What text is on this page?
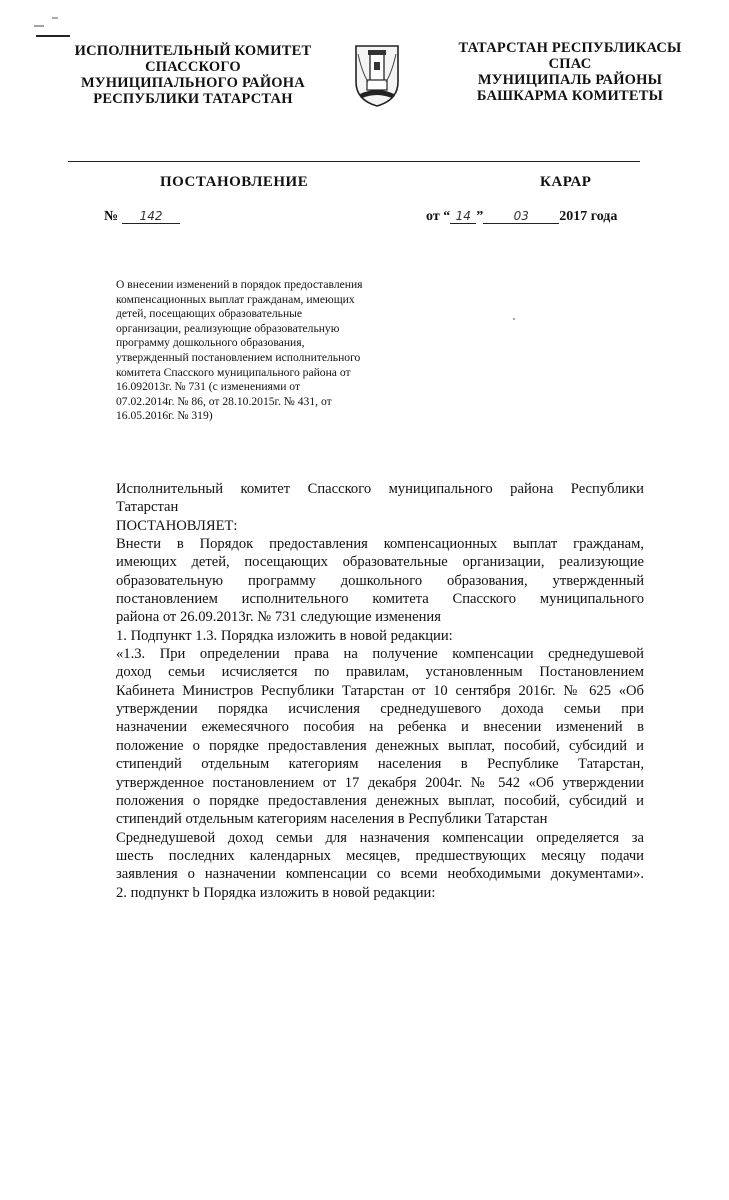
ИСПОЛНИТЕЛЬНЫЙ КОМИТЕТ
СПАССКОГО
МУНИЦИПАЛЬНОГО РАЙОНА
РЕСПУБЛИКИ ТАТАРСТАН
ТАТАРСТАН РЕСПУБЛИКАСЫ
СПАС
МУНИЦИПАЛЬ РАЙОНЫ
БАШКАРМА КОМИТЕТЫ
ПОСТАНОВЛЕНИЕ	КАРАР
№ 142	от “ 14 ”	03 2017 года
О внесении изменений в порядок предоставления
компенсационных выплат гражданам, имеющих
детей, посещающих образовательные
организации, реализующие образовательную
программу дошкольного образования,
утвержденный постановлением исполнительного
комитета Спасского муниципального района от
16.092013г. № 731 (с изменениями от
07.02.2014г. № 86, от 28.10.2015г. № 431, от
16.05.2016г. № 319)
Исполнительный комитет Спасского муниципального района Республики
Татарстан
ПОСТАНОВЛЯЕТ:
Внести в Порядок предоставления компенсационных выплат гражданам,
имеющих детей, посещающих образовательные организации, реализующие
образовательную программу дошкольного образования, утвержденный
постановлением исполнительного комитета Спасского муниципального
района от 26.09.2013г. № 731 следующие изменения
1. Подпункт 1.3. Порядка изложить в новой редакции:
«1.3. При определении права на получение компенсации среднедушевой
доход семьи исчисляется по правилам, установленным Постановлением
Кабинета Министров Республики Татарстан от 10 сентября 2016г. № 625 «Об
утверждении порядка исчисления среднедушевого дохода семьи при
назначении ежемесячного пособия на ребенка и внесении изменений в
положение о порядке предоставления денежных выплат, пособий, субсидий и
стипендий отдельным категориям населения в Республике Татарстан,
утвержденное постановлением от 17 декабря 2004г. № 542 «Об утверждении
положения о порядке предоставления денежных выплат, пособий, субсидий и
стипендий отдельным категориям населения в Республики Татарстан
Среднедушевой доход семьи для назначения компенсации определяется за
шесть последних календарных месяцев, предшествующих месяцу подачи
заявления о назначении компенсации со всеми необходимыми документами».
2. подпункт b Порядка изложить в новой редакции:
